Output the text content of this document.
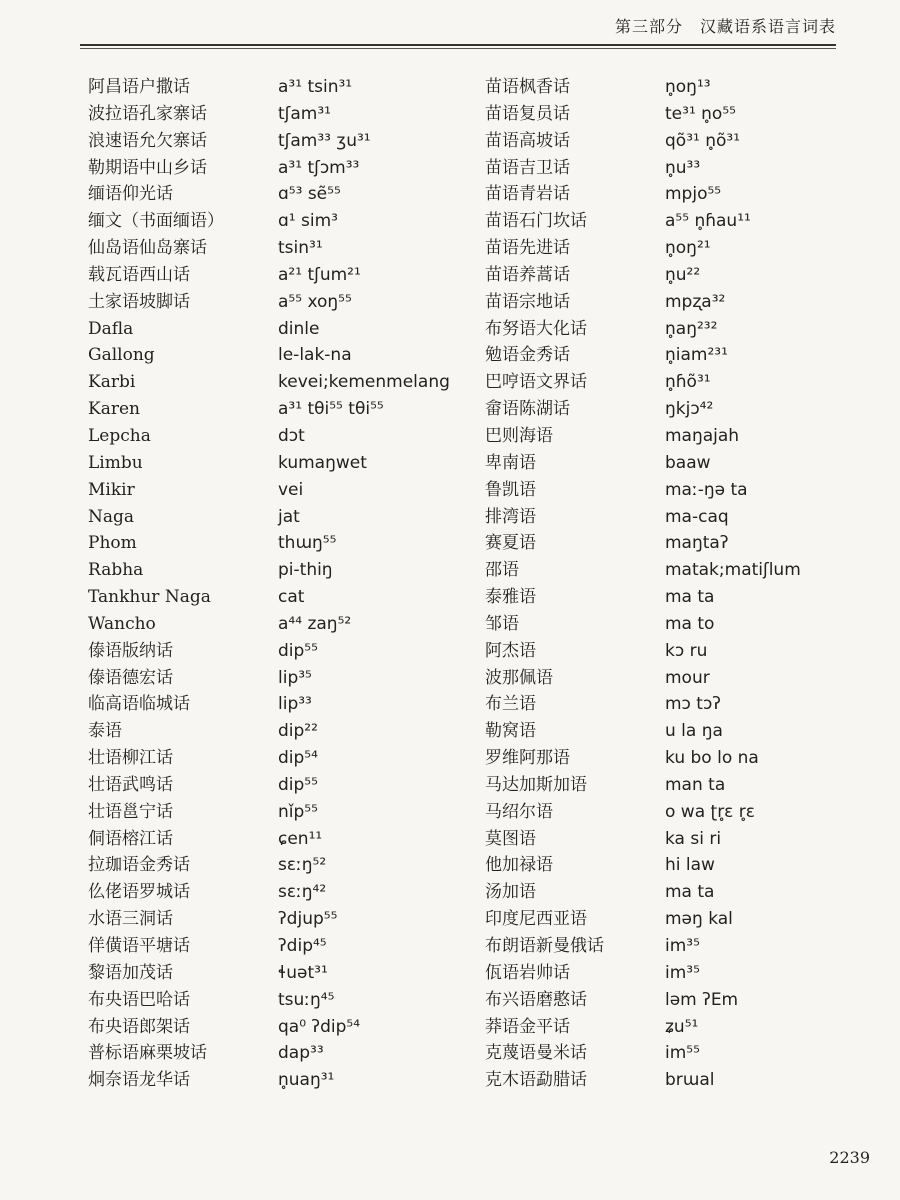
第三部分　汉藏语系语言词表
阿昌语户撒话	a³¹ tsin³¹
波拉语孔家寨话	tʃam³¹
浪速语允欠寨话	tʃam³³ ʒu³¹
勒期语中山乡话	a³¹ tʃɔm³³
缅语仰光话	ɑ⁵³ sẽ⁵⁵
缅文（书面缅语）	ɑ¹ sim³
仙岛语仙岛寨话	tsin³¹
载瓦语西山话	a²¹ tʃum²¹
土家语坡脚话	a⁵⁵ xoŋ⁵⁵
Dafla	dinle
Gallong	le-lak-na
Karbi	kevei;kemenmelang
Karen	a³¹ tθi⁵⁵ tθi⁵⁵
Lepcha	dɔt
Limbu	kumaŋwet
Mikir	vei
Naga	jat
Phom	thɯŋ⁵⁵
Rabha	pi-thiŋ
Tankhur Naga	cat
Wancho	a⁴⁴ zaŋ⁵²
傣语版纳话	dip⁵⁵
傣语德宏话	lip³⁵
临高语临城话	lip³³
泰语	dip²²
壮语柳江话	dip⁵⁴
壮语武鸣话	dip⁵⁵
壮语邕宁话	nǐp⁵⁵
侗语榕江话	ɕen¹¹
拉珈语金秀话	sɛːŋ⁵²
仫佬语罗城话	sɛːŋ⁴²
水语三洞话	ʔdjup⁵⁵
佯僙语平塘话	ʔdip⁴⁵
黎语加茂话	ɬuət³¹
布央语巴哈话	tsuːŋ⁴⁵
布央语郎架话	qa⁰ ʔdip⁵⁴
普标语麻栗坡话	dap³³
炯奈语龙华话	n̥uaŋ³¹
苗语枫香话	n̥oŋ¹³
苗语复员话	te³¹ n̥o⁵⁵
苗语高坡话	qõ³¹ n̥õ³¹
苗语吉卫话	n̥u³³
苗语青岩话	mpjo⁵⁵
苗语石门坎话	a⁵⁵ n̥ɦau¹¹
苗语先进话	n̥oŋ²¹
苗语养蒿话	n̥u²²
苗语宗地话	mpʐa³²
布努语大化话	n̥aŋ²³²
勉语金秀话	n̥iam²³¹
巴哼语文界话	n̥ɦõ³¹
畲语陈湖话	ŋkjɔ⁴²
巴则海语	maŋajah
卑南语	baaw
鲁凯语	maː-ŋə ta
排湾语	ma-caq
赛夏语	maŋtaʔ
邵语	matak;matiʃlum
泰雅语	ma ta
邹语	ma to
阿杰语	kɔ ru
波那佩语	mour
布兰语	mɔ tɔʔ
勒窝语	u la ŋa
罗维阿那语	ku bo lo na
马达加斯加语	man ta
马绍尔语	o wa ʈr̥ɛ r̥ɛ
莫图语	ka si ri
他加禄语	hi law
汤加语	ma ta
印度尼西亚语	məŋ kal
布朗语新曼俄话	im³⁵
佤语岩帅话	im³⁵
布兴语磨憨话	ləm ʔEm
莽语金平话	ʑu⁵¹
克蔑语曼米话	im⁵⁵
克木语勐腊话	brɯal
2239
